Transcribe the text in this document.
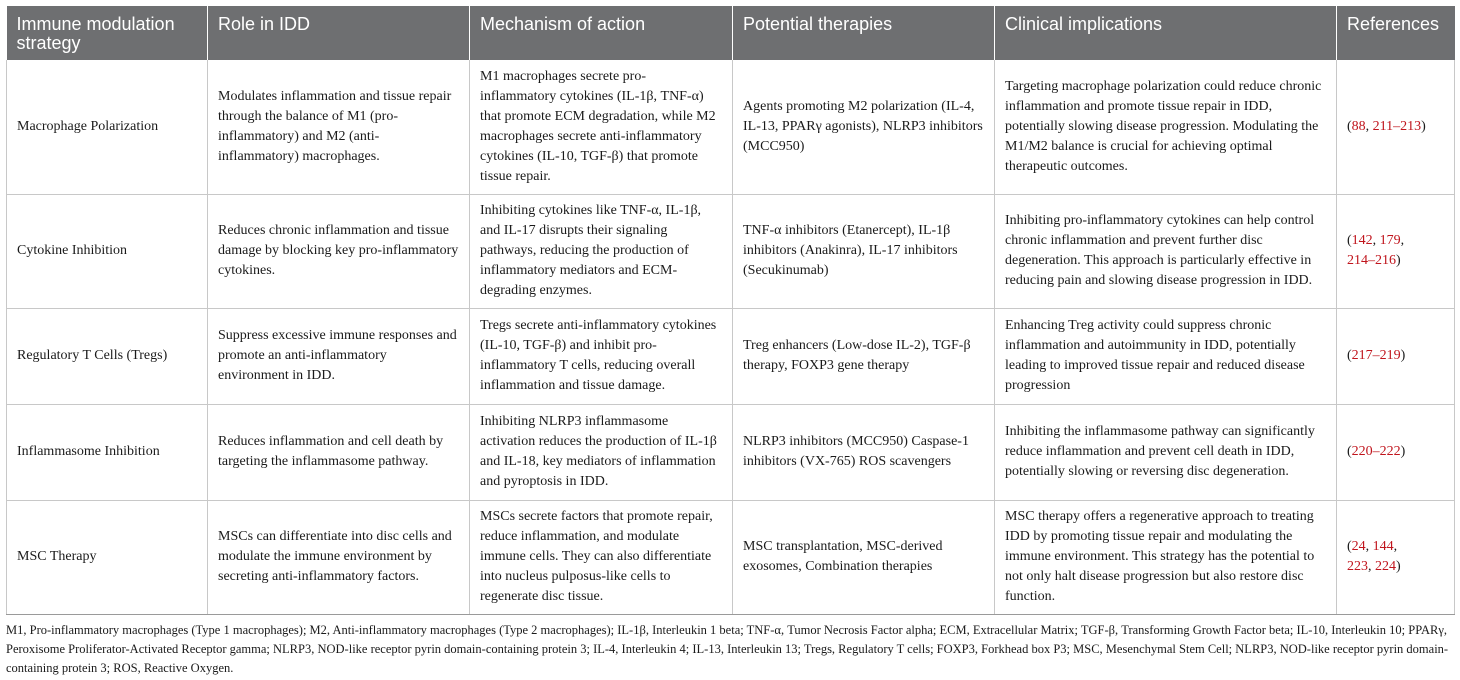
Immune modulation strategy	Role in IDD	Mechanism of action	Potential therapies	Clinical implications	References
Macrophage Polarization	Modulates inflammation and tissue repair through the balance of M1 (pro-inflammatory) and M2 (anti-inflammatory) macrophages.	M1 macrophages secrete pro-inflammatory cytokines (IL-1β, TNF-α) that promote ECM degradation, while M2 macrophages secrete anti-inflammatory cytokines (IL-10, TGF-β) that promote tissue repair.	Agents promoting M2 polarization (IL-4, IL-13, PPARγ agonists), NLRP3 inhibitors (MCC950)	Targeting macrophage polarization could reduce chronic inflammation and promote tissue repair in IDD, potentially slowing disease progression. Modulating the M1/M2 balance is crucial for achieving optimal therapeutic outcomes.	(88, 211–213)
Cytokine Inhibition	Reduces chronic inflammation and tissue damage by blocking key pro-inflammatory cytokines.	Inhibiting cytokines like TNF-α, IL-1β, and IL-17 disrupts their signaling pathways, reducing the production of inflammatory mediators and ECM-degrading enzymes.	TNF-α inhibitors (Etanercept), IL-1β inhibitors (Anakinra), IL-17 inhibitors (Secukinumab)	Inhibiting pro-inflammatory cytokines can help control chronic inflammation and prevent further disc degeneration. This approach is particularly effective in reducing pain and slowing disease progression in IDD.	(142, 179,
214–216)
Regulatory T Cells (Tregs)	Suppress excessive immune responses and promote an anti-inflammatory environment in IDD.	Tregs secrete anti-inflammatory cytokines (IL-10, TGF-β) and inhibit pro-inflammatory T cells, reducing overall inflammation and tissue damage.	Treg enhancers (Low-dose IL-2), TGF-β therapy, FOXP3 gene therapy	Enhancing Treg activity could suppress chronic inflammation and autoimmunity in IDD, potentially leading to improved tissue repair and reduced disease progression	(217–219)
Inflammasome Inhibition	Reduces inflammation and cell death by targeting the inflammasome pathway.	Inhibiting NLRP3 inflammasome activation reduces the production of IL-1β and IL-18, key mediators of inflammation and pyroptosis in IDD.	NLRP3 inhibitors (MCC950) Caspase-1 inhibitors (VX-765) ROS scavengers	Inhibiting the inflammasome pathway can significantly reduce inflammation and prevent cell death in IDD, potentially slowing or reversing disc degeneration.	(220–222)
MSC Therapy	MSCs can differentiate into disc cells and modulate the immune environment by secreting anti-inflammatory factors.	MSCs secrete factors that promote repair, reduce inflammation, and modulate immune cells. They can also differentiate into nucleus pulposus-like cells to regenerate disc tissue.	MSC transplantation, MSC-derived exosomes, Combination therapies	MSC therapy offers a regenerative approach to treating IDD by promoting tissue repair and modulating the immune environment. This strategy has the potential to not only halt disease progression but also restore disc function.	(24, 144,
223, 224)
M1, Pro-inflammatory macrophages (Type 1 macrophages); M2, Anti-inflammatory macrophages (Type 2 macrophages); IL-1β, Interleukin 1 beta; TNF-α, Tumor Necrosis Factor alpha; ECM, Extracellular Matrix; TGF-β, Transforming Growth Factor beta; IL-10, Interleukin 10; PPARγ, Peroxisome Proliferator-Activated Receptor gamma; NLRP3, NOD-like receptor pyrin domain-containing protein 3; IL-4, Interleukin 4; IL-13, Interleukin 13; Tregs, Regulatory T cells; FOXP3, Forkhead box P3; MSC, Mesenchymal Stem Cell; NLRP3, NOD-like receptor pyrin domain-containing protein 3; ROS, Reactive Oxygen.
